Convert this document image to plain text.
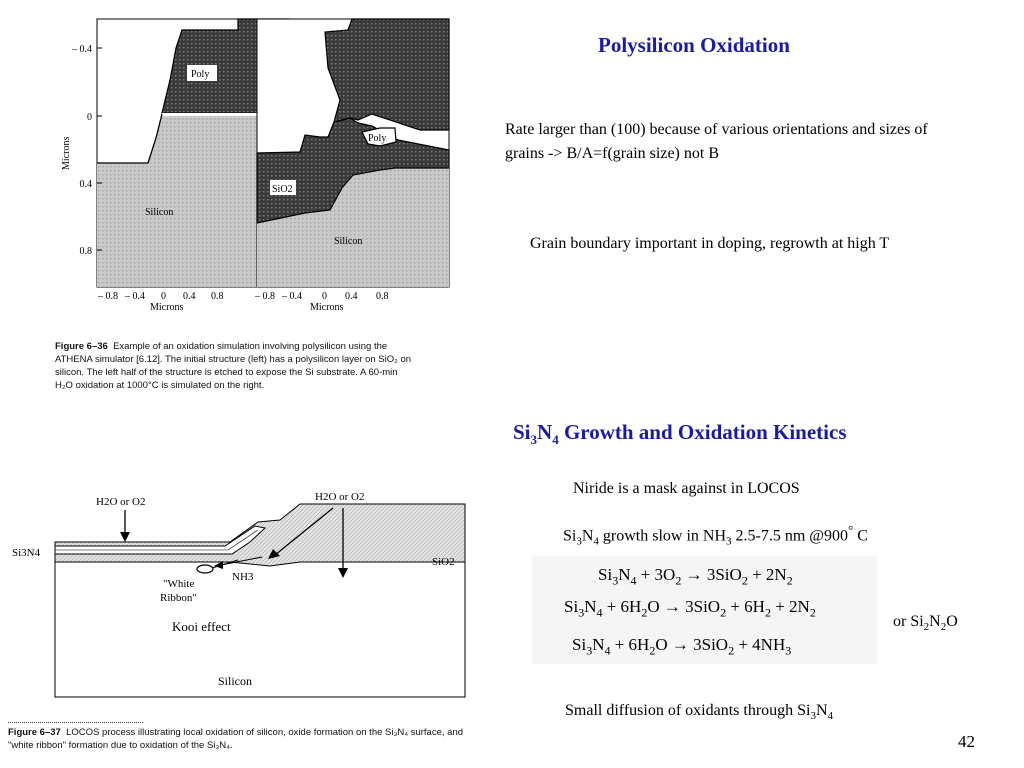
Poly
Silicon
– 0.4
0
0.4
0.8
Microns
– 0.8 – 0.4 0 0.4 0.8
Microns
Poly
SiO2
Silicon
– 0.8 – 0.4 0 0.4 0.8
Microns
Figure 6–36 Example of an oxidation simulation involving polysilicon using the ATHENA simulator [6.12]. The initial structure (left) has a polysilicon layer on SiO₂ on silicon. The left half of the structure is etched to expose the Si substrate. A 60-min H₂O oxidation at 1000°C is simulated on the right.
H2O or O2	H2O or O2
Si3N4
SiO2
NH3
"White
Ribbon"
Kooi effect
Silicon
Figure 6–37 LOCOS process illustrating local oxidation of silicon, oxide formation on the Si₃N₄ surface, and "white ribbon" formation due to oxidation of the Si₃N₄.
Polysilicon Oxidation
Rate larger than (100) because of various orientations and sizes of grains -> B/A=f(grain size) not B
Grain boundary important in doping, regrowth at high T
$Si_3N_4$ Growth and Oxidation Kinetics
Niride is a mask against in LOCOS
$Si_3N_4$ growth slow in $NH_3$ 2.5-7.5 nm @900° C
$Si_3N_4 + 3O_2 \to 3SiO_2 + 2N_2$
$Si_3N_4 + 6H_2O \to 3SiO_2 + 6H_2 + 2N_2$
$Si_3N_4 + 6H_2O \to 3SiO_2 + 4NH_3$
or $Si_2N_2O$
Small diffusion of oxidants through $Si_3N_4$
42
